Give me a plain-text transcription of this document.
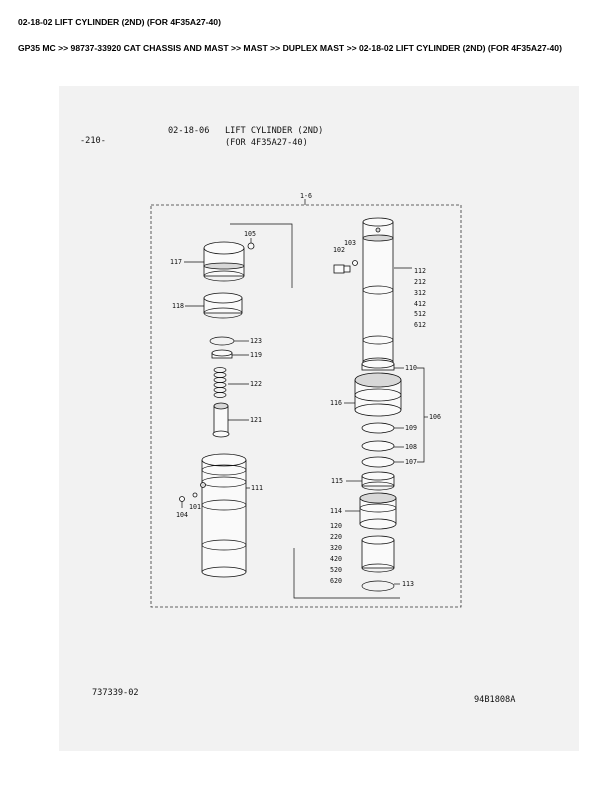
02-18-02 LIFT CYLINDER (2ND) (FOR 4F35A27-40)
GP35 MC >> 98737-33920 CAT CHASSIS AND MAST >> MAST >> DUPLEX MAST >> 02-18-02 LIFT CYLINDER (2ND) (FOR 4F35A27-40)
-210-
02-18-06 LIFT CYLINDER (2ND)
(FOR 4F35A27-40)
1-6
105
117
118
123
119
122
121
111
101
104
103
102
112
212
312
412
512
612
110
116
106
109
108
107
115
114
120
220
320
420
520
620	113
737339-02
94B1808A
